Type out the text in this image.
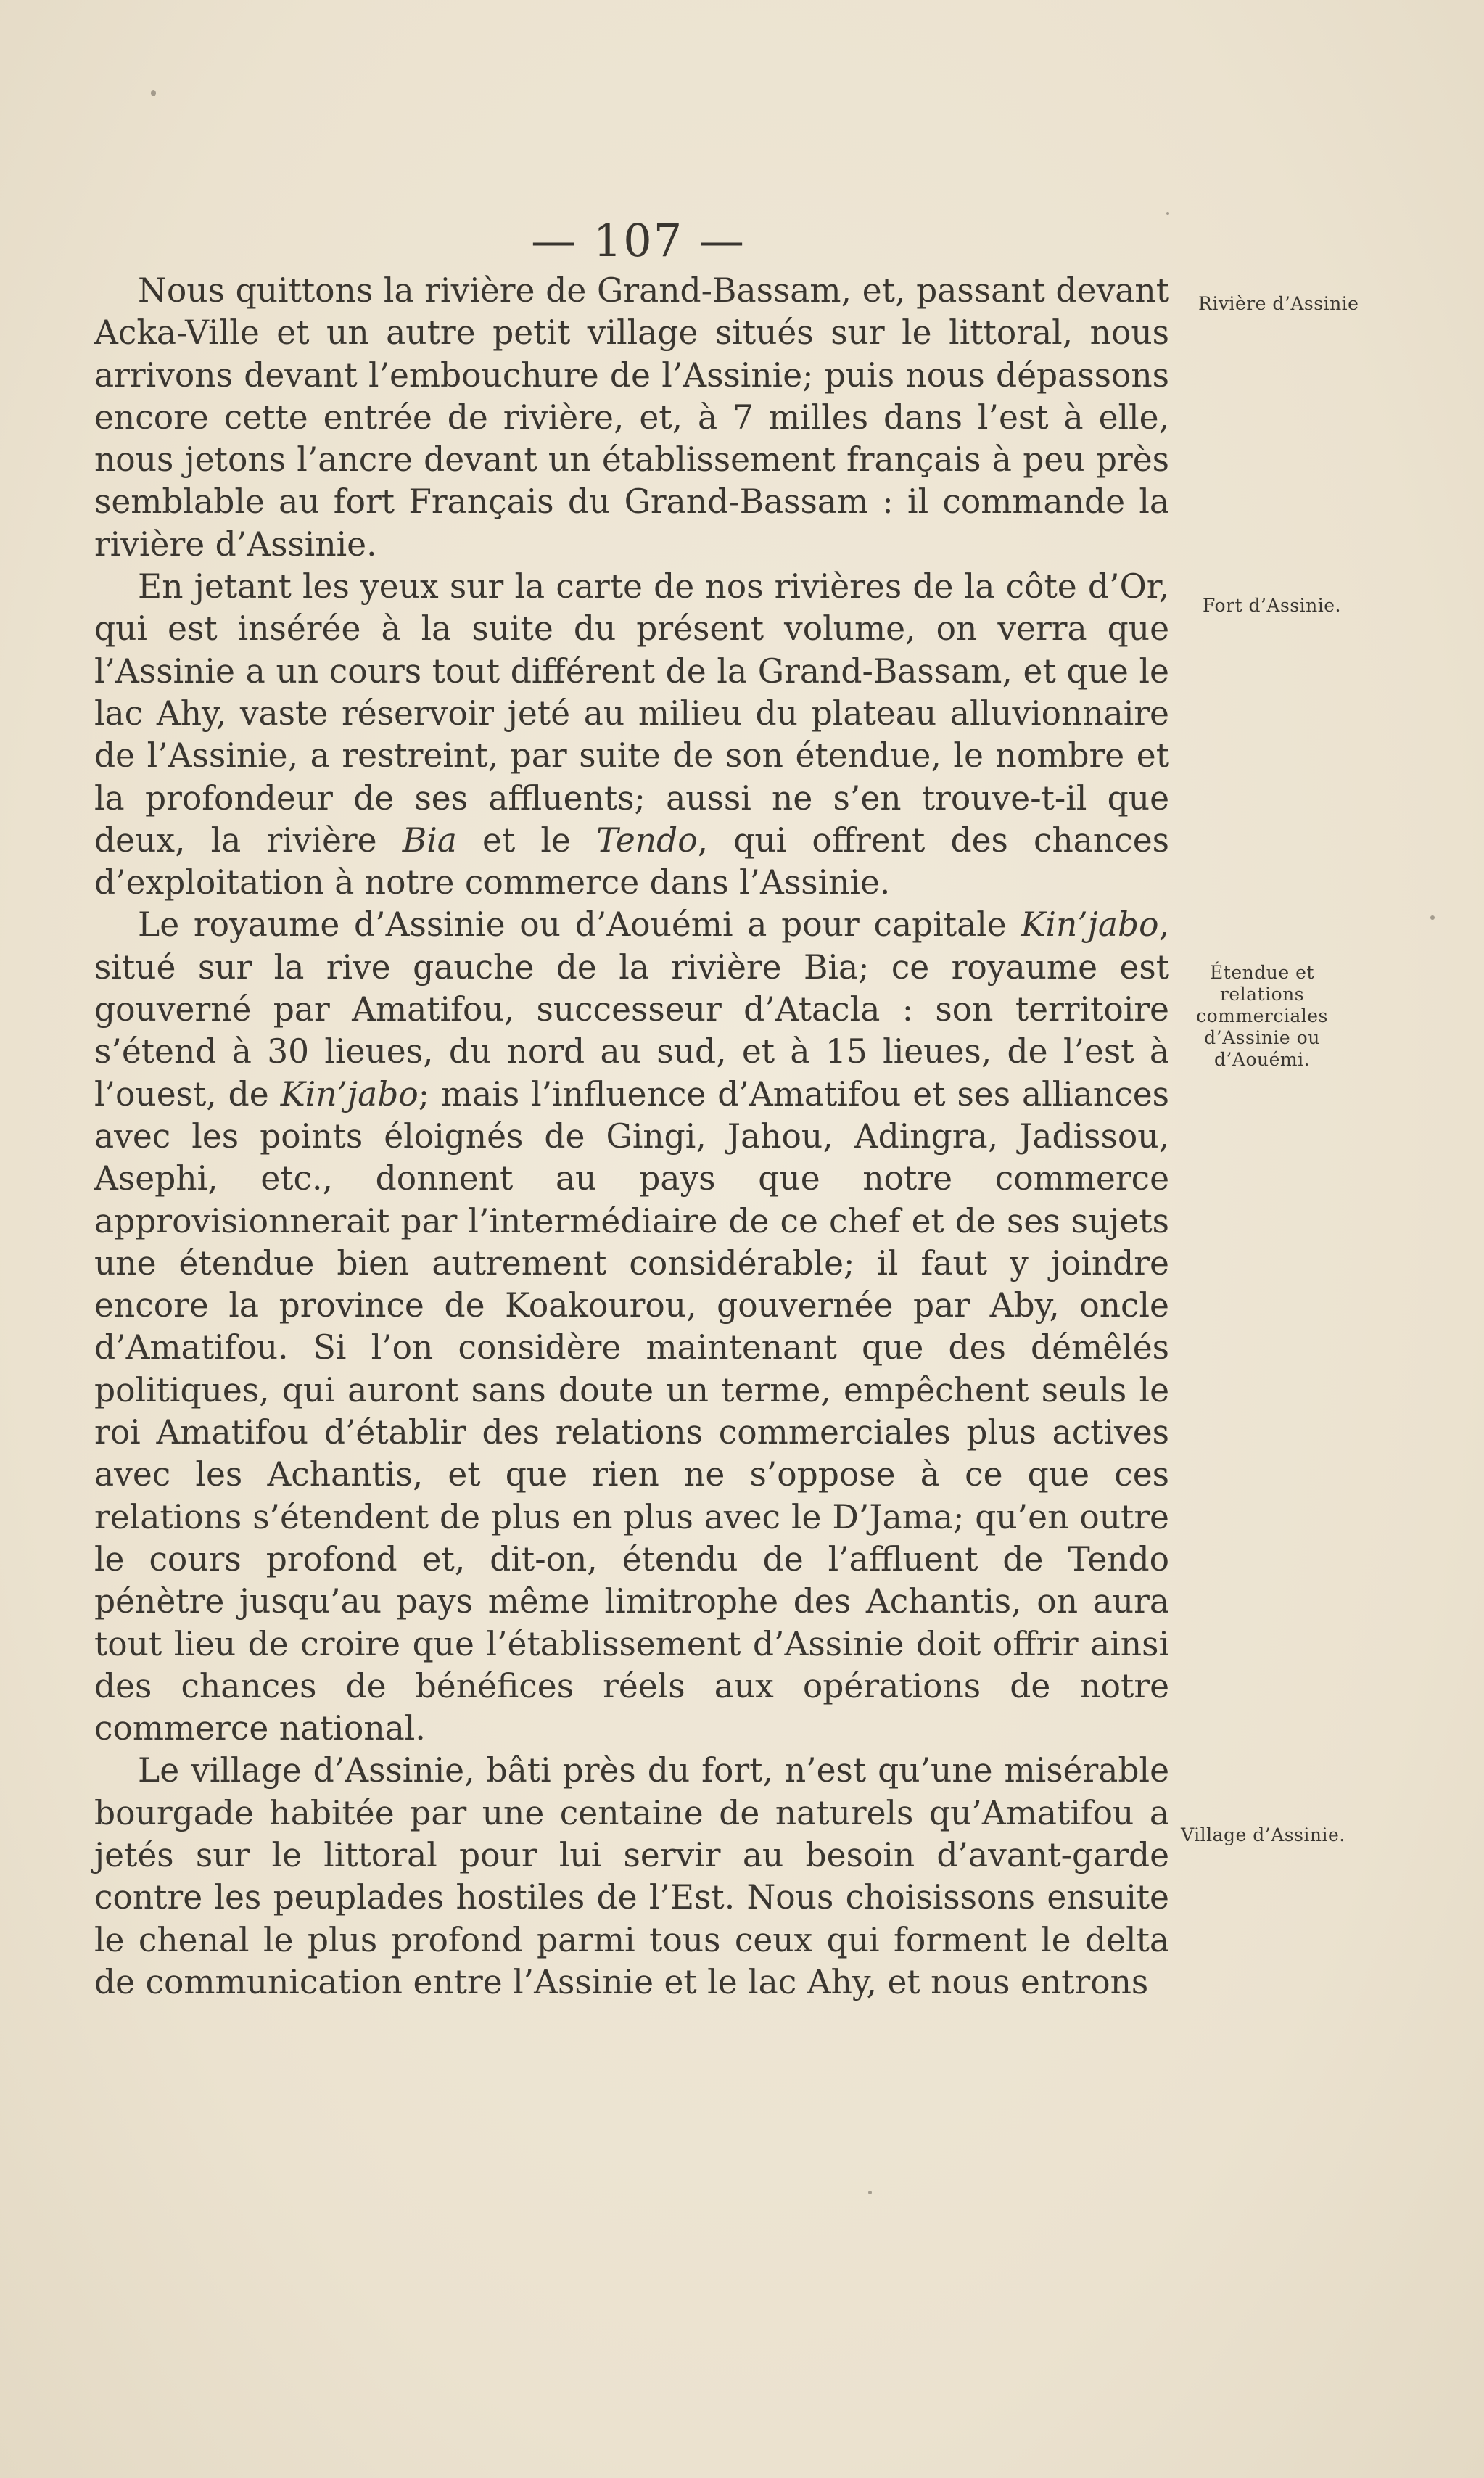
— 107 —

Nous quittons la rivière de Grand-Bassam, et, passant devant Acka-Ville et un autre petit village situés sur le littoral, nous arrivons devant l’embouchure de l’Assinie; puis nous dépassons encore cette entrée de rivière, et, à 7 milles dans l’est à elle, nous jetons l’ancre devant un établissement français à peu près semblable au fort Français du Grand-Bassam : il commande la rivière d’Assinie.

En jetant les yeux sur la carte de nos rivières de la côte d’Or, qui est insérée à la suite du présent volume, on verra que l’Assinie a un cours tout différent de la Grand-Bassam, et que le lac Ahy, vaste réservoir jeté au milieu du plateau alluvionnaire de l’Assinie, a restreint, par suite de son étendue, le nombre et la profondeur de ses affluents; aussi ne s’en trouve-t-il que deux, la rivière Bia et le Tendo, qui offrent des chances d’exploitation à notre commerce dans l’Assinie.

Le royaume d’Assinie ou d’Aouémi a pour capitale Kin’jabo, situé sur la rive gauche de la rivière Bia; ce royaume est gouverné par Amatifou, successeur d’Atacla : son territoire s’étend à 30 lieues, du nord au sud, et à 15 lieues, de l’est à l’ouest, de Kin’jabo; mais l’influence d’Amatifou et ses alliances avec les points éloignés de Gingi, Jahou, Adingra, Jadissou, Asephi, etc., donnent au pays que notre commerce approvisionnerait par l’intermédiaire de ce chef et de ses sujets une étendue bien autrement considérable; il faut y joindre encore la province de Koakourou, gouvernée par Aby, oncle d’Amatifou. Si l’on considère maintenant que des démêlés politiques, qui auront sans doute un terme, empêchent seuls le roi Amatifou d’établir des relations commerciales plus actives avec les Achantis, et que rien ne s’oppose à ce que ces relations s’étendent de plus en plus avec le D’Jama; qu’en outre le cours profond et, dit-on, étendu de l’affluent de Tendo pénètre jusqu’au pays même limitrophe des Achantis, on aura tout lieu de croire que l’établissement d’Assinie doit offrir ainsi des chances de bénéfices réels aux opérations de notre commerce national.

Le village d’Assinie, bâti près du fort, n’est qu’une misérable bourgade habitée par une centaine de naturels qu’Amatifou a jetés sur le littoral pour lui servir au besoin d’avant-garde contre les peuplades hostiles de l’Est. Nous choisissons ensuite le chenal le plus profond parmi tous ceux qui forment le delta de communication entre l’Assinie et le lac Ahy, et nous entrons

Rivière d’Assinie
Fort d’Assinie.
Étendue et relations commerciales d’Assinie ou d’Aouémi.
Village d’Assinie.
